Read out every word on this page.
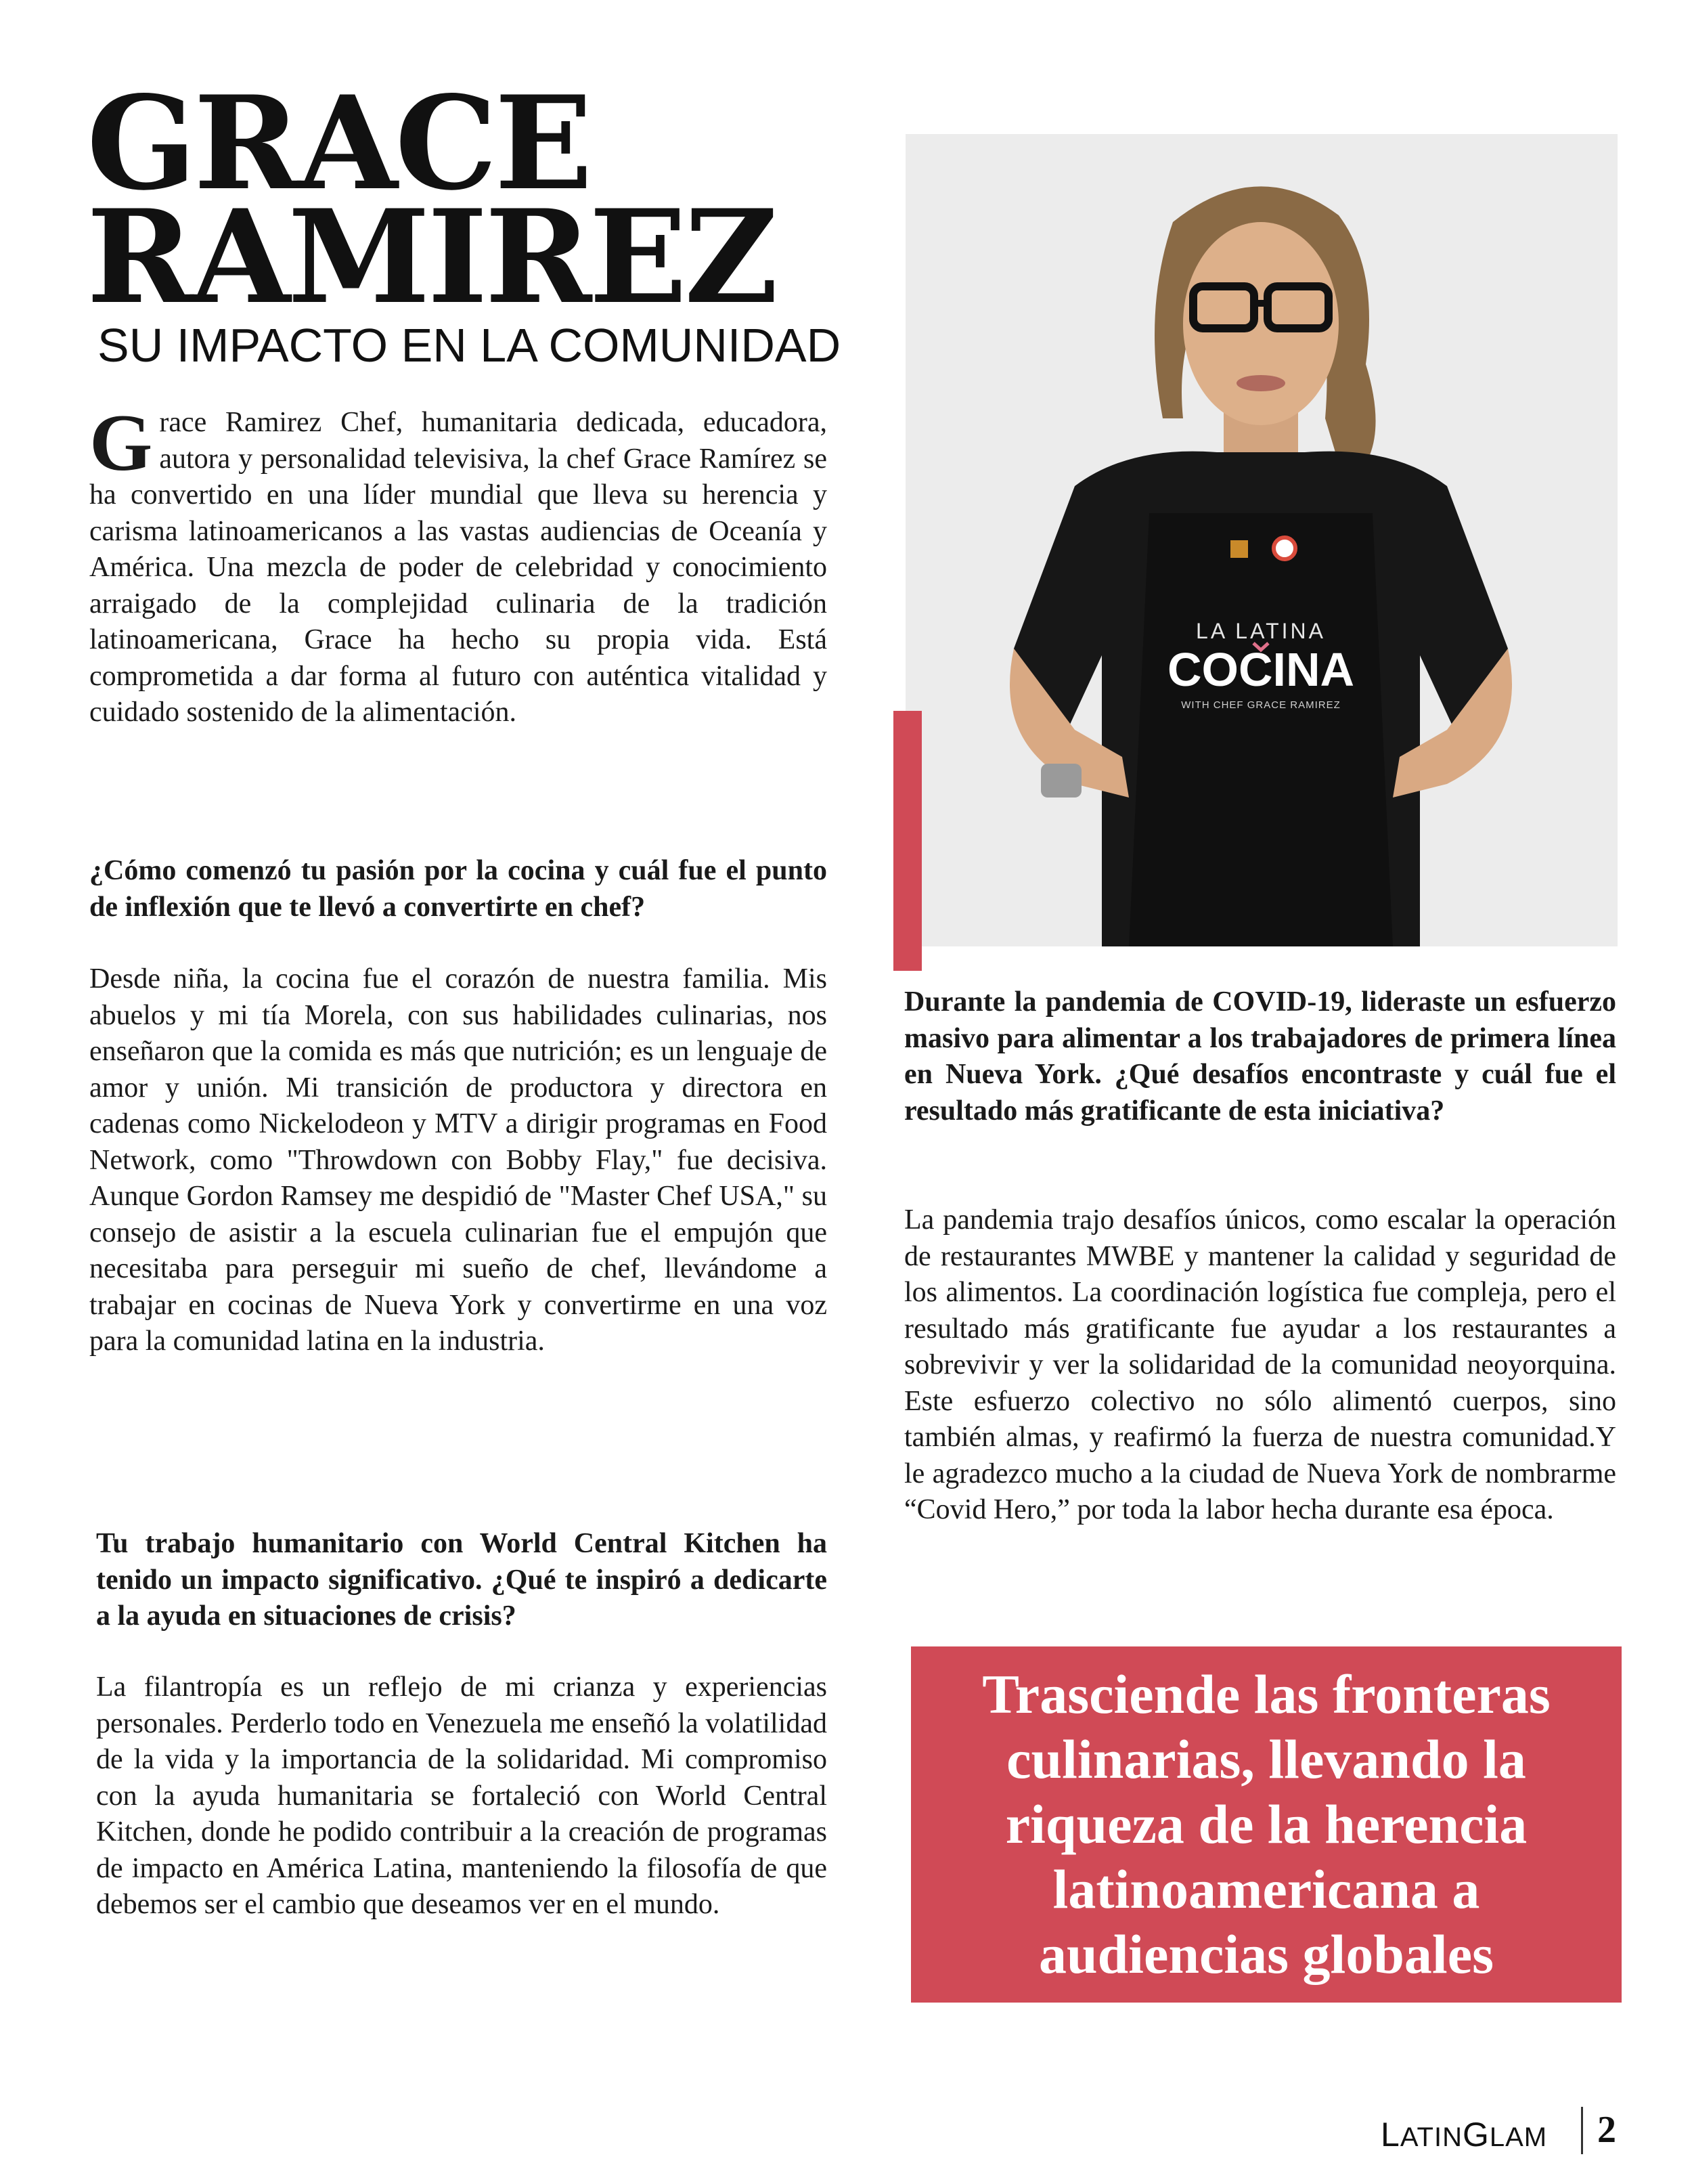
GRACE
RAMIREZ
SU IMPACTO EN LA COMUNIDAD

Grace Ramirez Chef, humanitaria dedicada, educadora, autora y personalidad televisiva, la chef Grace Ramírez se ha convertido en una líder mundial que lleva su herencia y carisma latinoamericanos a las vastas audiencias de Oceanía y América. Una mezcla de poder de celebridad y conocimiento arraigado de la complejidad culinaria de la tradición latinoamericana, Grace ha hecho su propia vida. Está comprometida a dar forma al futuro con auténtica vitalidad y cuidado sostenido de la alimentación.

¿Cómo comenzó tu pasión por la cocina y cuál fue el punto de inflexión que te llevó a convertirte en chef?

Desde niña, la cocina fue el corazón de nuestra familia. Mis abuelos y mi tía Morela, con sus habilidades culinarias, nos enseñaron que la comida es más que nutrición; es un lenguaje de amor y unión. Mi transición de productora y directora en cadenas como Nickelodeon y MTV a dirigir programas en Food Network, como "Throwdown con Bobby Flay," fue decisiva. Aunque Gordon Ramsey me despidió de "Master Chef USA," su consejo de asistir a la escuela culinarian fue el empujón que necesitaba para perseguir mi sueño de chef, llevándome a trabajar en cocinas de Nueva York y convertirme en una voz para la comunidad latina en la industria.

Tu trabajo humanitario con World Central Kitchen ha tenido un impacto significativo. ¿Qué te inspiró a dedicarte a la ayuda en situaciones de crisis?

La filantropía es un reflejo de mi crianza y experiencias personales. Perderlo todo en Venezuela me enseñó la volatilidad de la vida y la importancia de la solidaridad. Mi compromiso con la ayuda humanitaria se fortaleció con World Central Kitchen, donde he podido contribuir a la creación de programas de impacto en América Latina, manteniendo la filosofía de que debemos ser el cambio que deseamos ver en el mundo.

LA LATINA
COCINA
WITH CHEF GRACE RAMIREZ

Durante la pandemia de COVID-19, lideraste un esfuerzo masivo para alimentar a los trabajadores de primera línea en Nueva York. ¿Qué desafíos encontraste y cuál fue el resultado más gratificante de esta iniciativa?

La pandemia trajo desafíos únicos, como escalar la operación de restaurantes MWBE y mantener la calidad y seguridad de los alimentos. La coordinación logística fue compleja, pero el resultado más gratificante fue ayudar a los restaurantes a sobrevivir y ver la solidaridad de la comunidad neoyorquina. Este esfuerzo colectivo no sólo alimentó cuerpos, sino también almas, y reafirmó la fuerza de nuestra comunidad.Y le agradezco mucho a la ciudad de Nueva York de nombrarme “Covid Hero,” por toda la labor hecha durante esa época.

Trasciende las fronteras culinarias, llevando la riqueza de la herencia latinoamericana a audiencias globales
LATINGLAM 2
